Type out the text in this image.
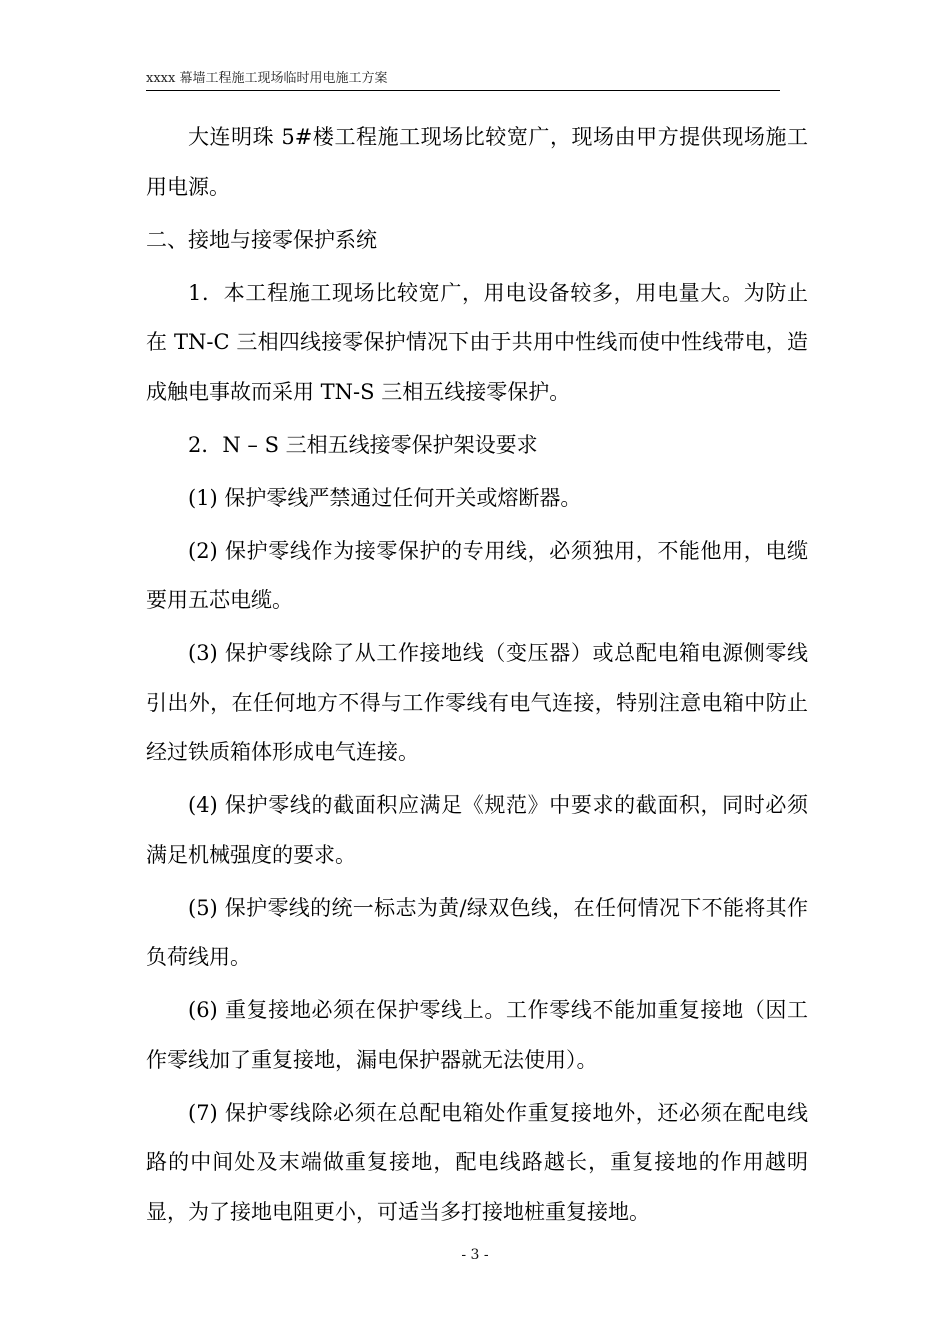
xxxx 幕墙工程施工现场临时用电施工方案

大连明珠 5#楼工程施工现场比较宽广，现场由甲方提供现场施工用电源。

二、接地与接零保护系统

1．本工程施工现场比较宽广，用电设备较多，用电量大。为防止在 TN-C 三相四线接零保护情况下由于共用中性线而使中性线带电，造成触电事故而采用 TN-S 三相五线接零保护。

2．N – S 三相五线接零保护架设要求

(1) 保护零线严禁通过任何开关或熔断器。

(2) 保护零线作为接零保护的专用线，必须独用，不能他用，电缆要用五芯电缆。

(3) 保护零线除了从工作接地线（变压器）或总配电箱电源侧零线引出外，在任何地方不得与工作零线有电气连接，特别注意电箱中防止经过铁质箱体形成电气连接。

(4) 保护零线的截面积应满足《规范》中要求的截面积，同时必须满足机械强度的要求。

(5) 保护零线的统一标志为黄/绿双色线，在任何情况下不能将其作负荷线用。

(6) 重复接地必须在保护零线上。工作零线不能加重复接地（因工作零线加了重复接地，漏电保护器就无法使用）。

(7) 保护零线除必须在总配电箱处作重复接地外，还必须在配电线路的中间处及末端做重复接地，配电线路越长，重复接地的作用越明显，为了接地电阻更小，可适当多打接地桩重复接地。

- 3 -
